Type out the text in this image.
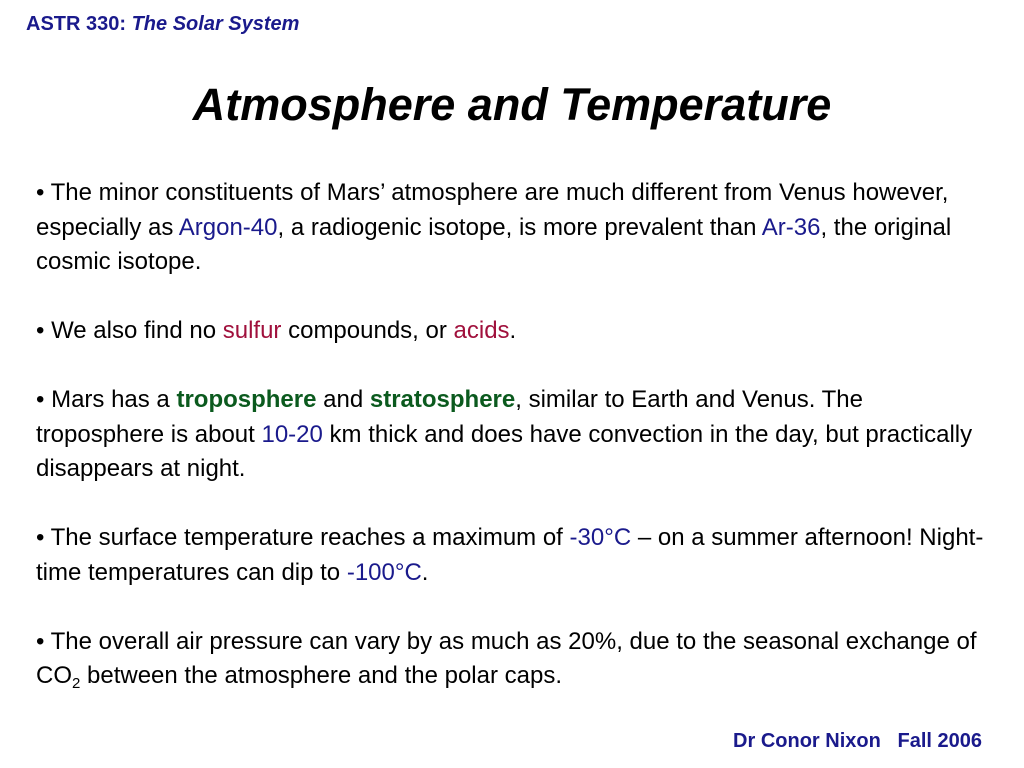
ASTR 330: The Solar System
Atmosphere and Temperature

• The minor constituents of Mars’ atmosphere are much different from Venus however, especially as Argon-40, a radiogenic isotope, is more prevalent than Ar-36, the original cosmic isotope.

• We also find no sulfur compounds, or acids.

• Mars has a troposphere and stratosphere, similar to Earth and Venus. The troposphere is about 10-20 km thick and does have convection in the day, but practically disappears at night.

• The surface temperature reaches a maximum of -30°C – on a summer afternoon! Night-time temperatures can dip to -100°C.

• The overall air pressure can vary by as much as 20%, due to the seasonal exchange of $CO_2$ between the atmosphere and the polar caps.

Dr Conor Nixon Fall 2006
